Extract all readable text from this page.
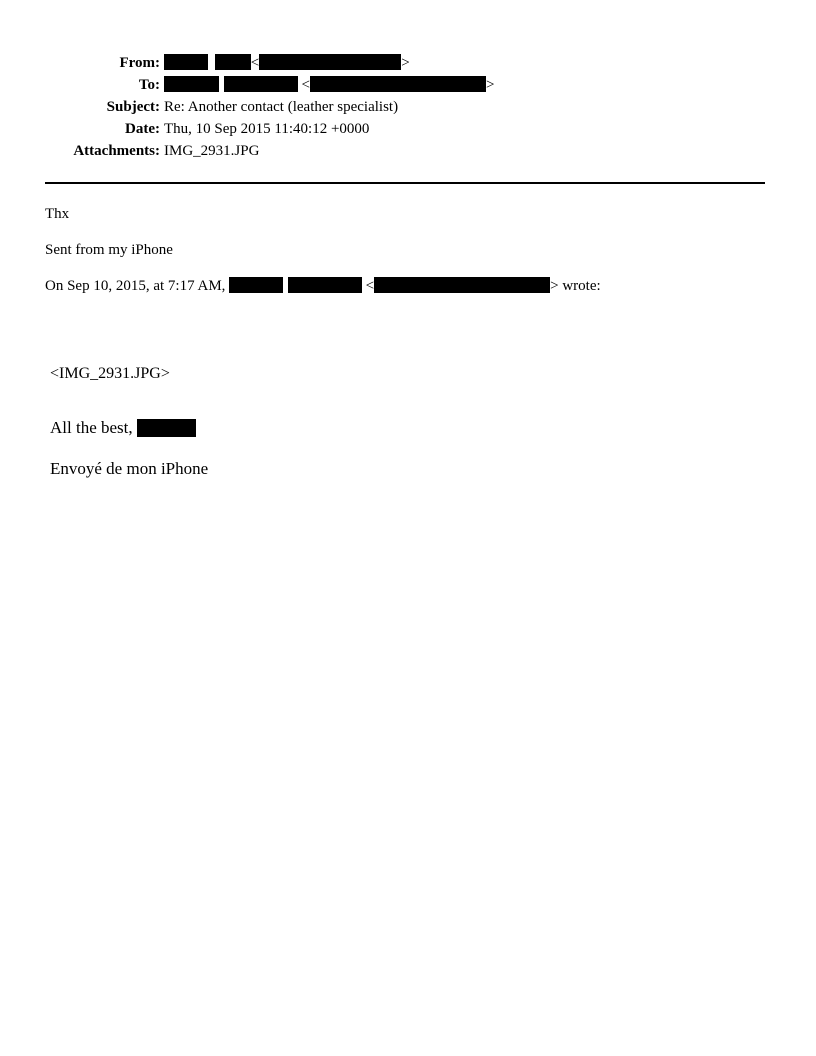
From:	<	>
To:	<	>
Subject: Re: Another contact (leather specialist)
Date: Thu, 10 Sep 2015 11:40:12 +0000
Attachments: IMG_2931.JPG
Thx
Sent from my iPhone
On Sep 10, 2015, at 7:17 AM,	<	> wrote:
<IMG_2931.JPG>
All the best,
Envoyé de mon iPhone
